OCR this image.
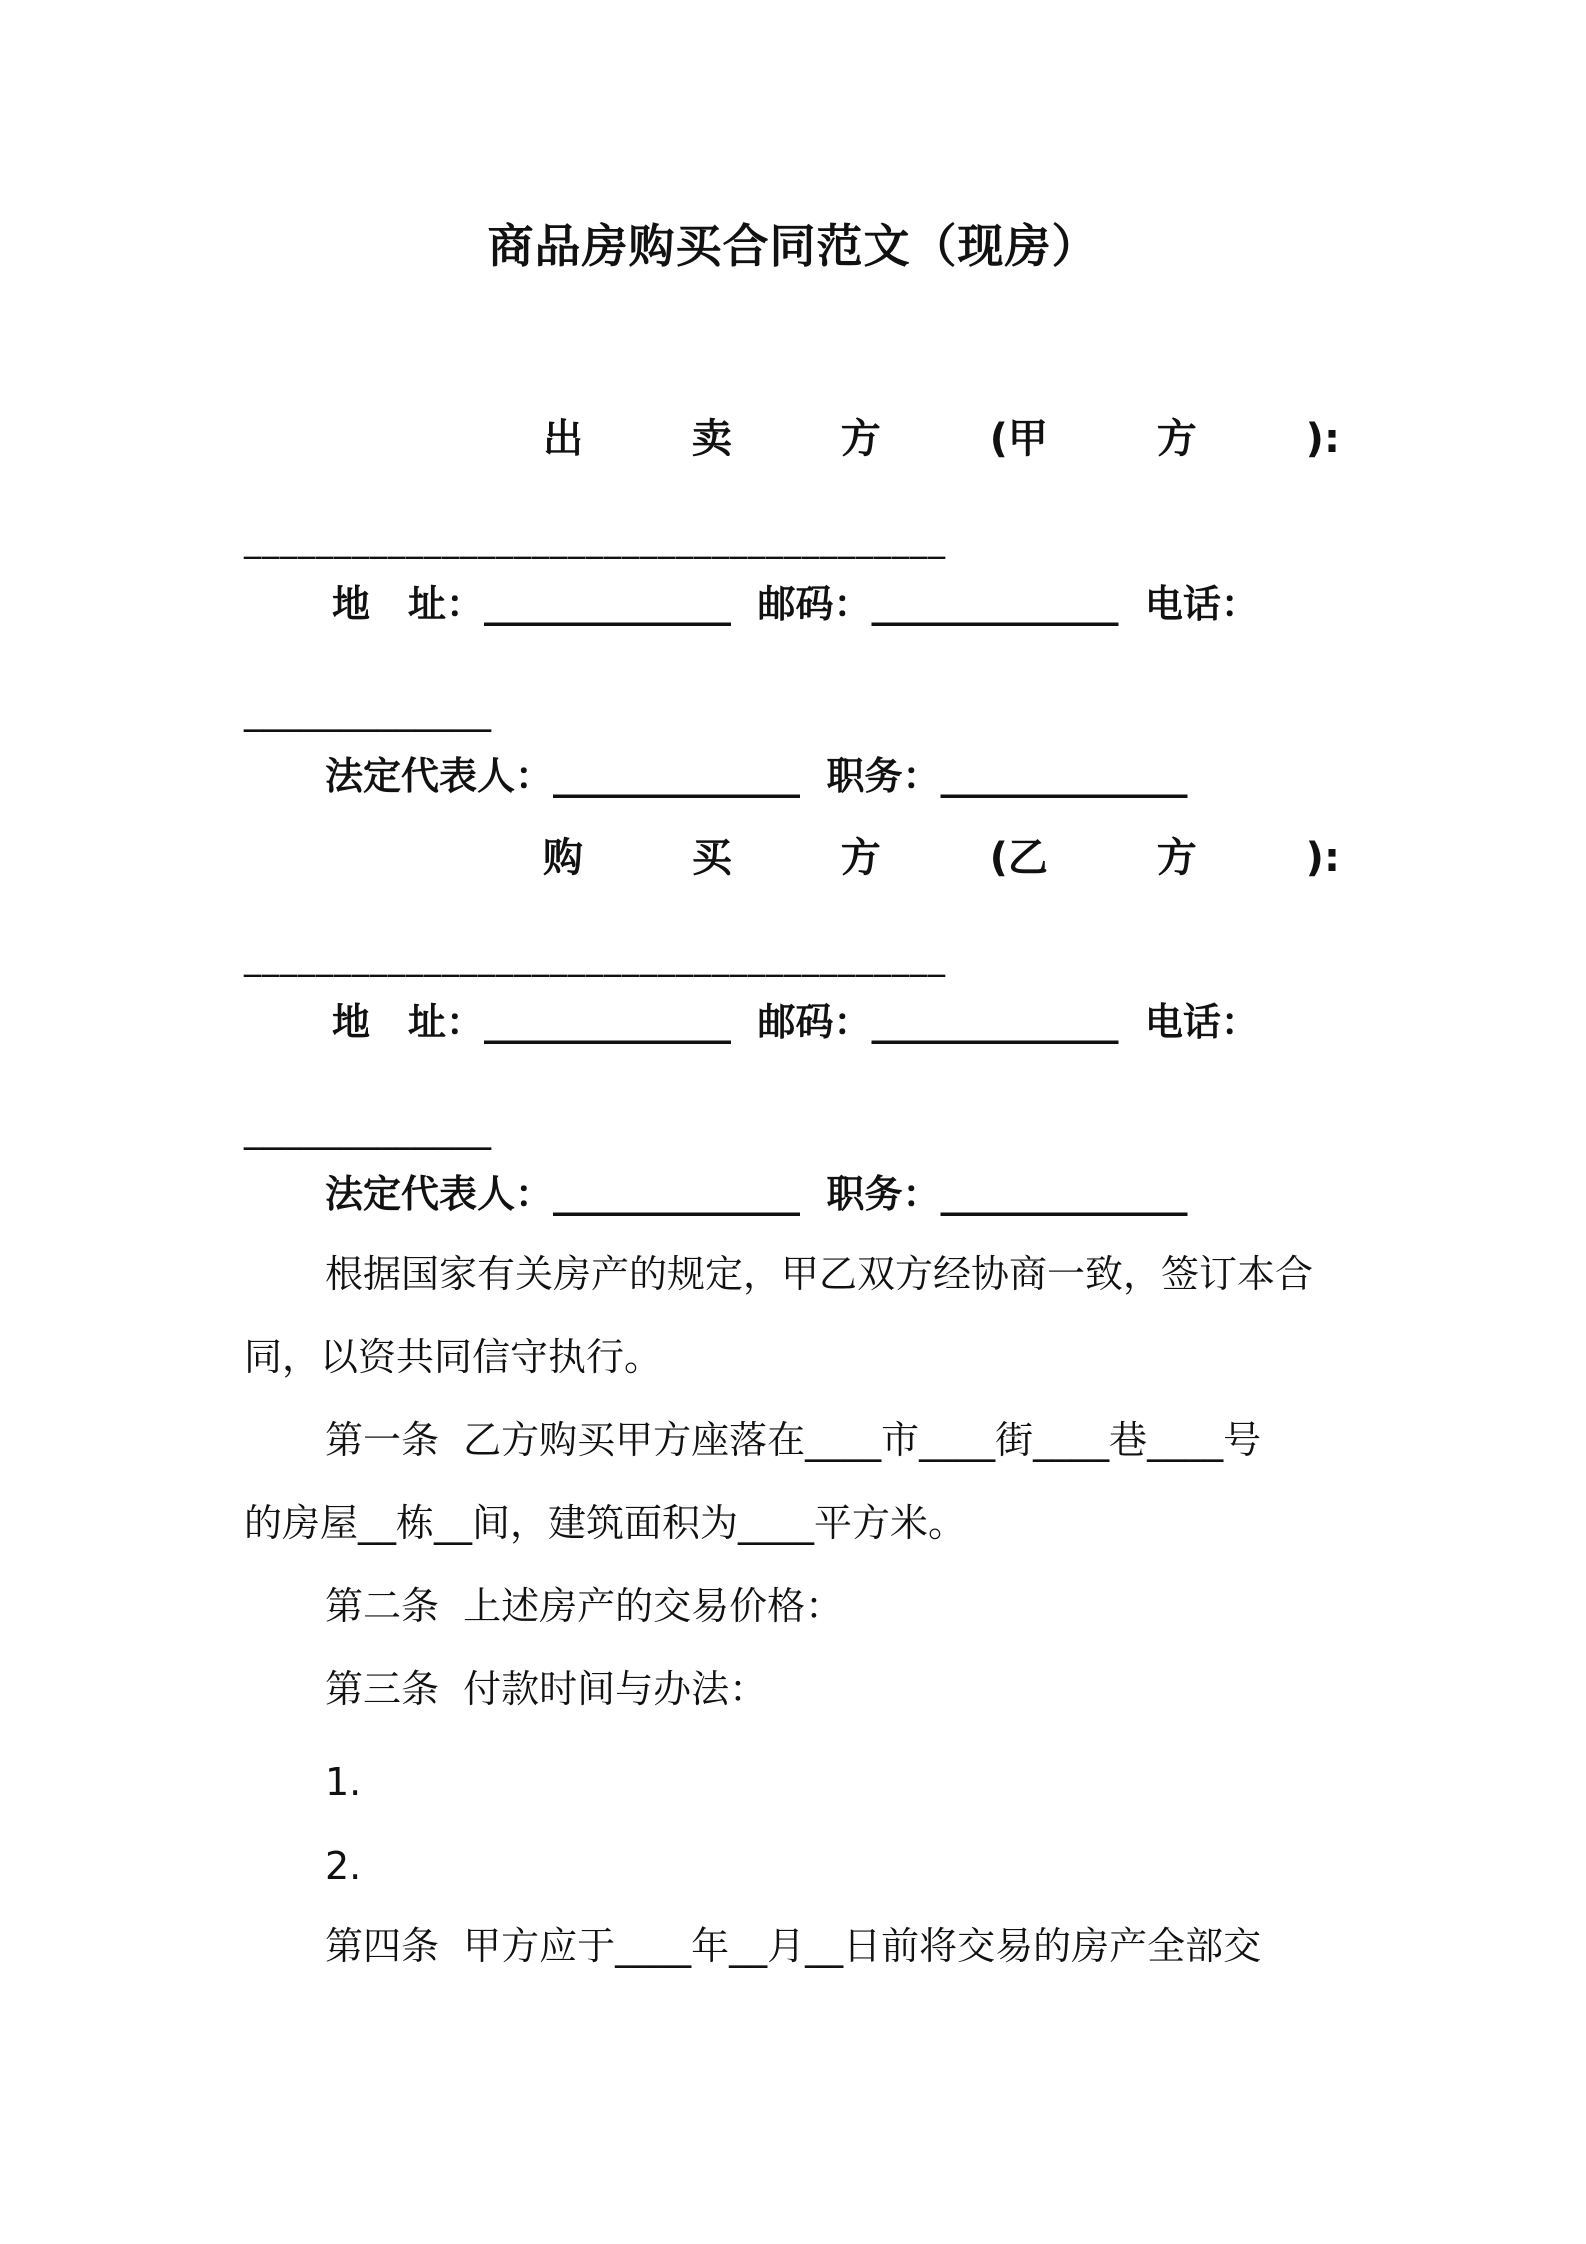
商品房购买合同范文（现房）
出	卖	方	(甲	方	):

_______________________________________

地　址：_____________  邮码：_____________  电话：

_____________

法定代表人：_____________  职务：_____________

购	买	方	(乙	方	):

_______________________________________

地　址：_____________  邮码：_____________  电话：

_____________

法定代表人：_____________  职务：_____________

根据国家有关房产的规定，甲乙双方经协商一致，签订本合

同，以资共同信守执行。

第一条  乙方购买甲方座落在____市____街____巷____号

的房屋__栋__间，建筑面积为____平方米。

第二条  上述房产的交易价格：

第三条  付款时间与办法：

1.

2.

第四条  甲方应于____年__月__日前将交易的房产全部交
